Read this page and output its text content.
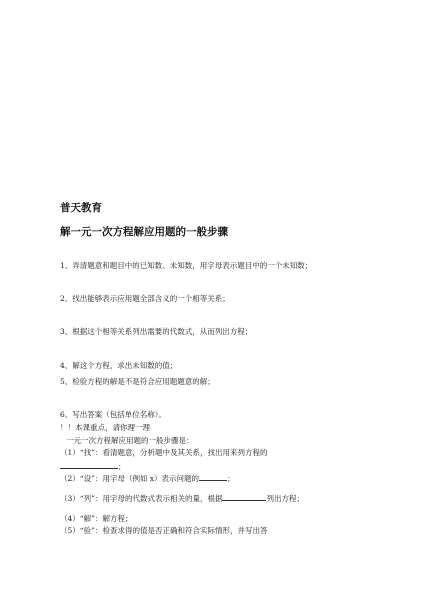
普天教育
解一元一次方程解应用题的一般步骤
1、弄清题意和题目中的已知数、未知数，用字母表示题目中的一个未知数；
2、找出能够表示应用题全部含义的一个相等关系；
3、根据这个相等关系列出需要的代数式，从而列出方程；
4、解这个方程，求出未知数的值；
5、检验方程的解是不是符合应用题题意的解；
6、写出答案（包括单位名称）。
！！本课重点，请你理一理
一元一次方程解应用题的一般步骤是：
（1）“找”：看清题意，分析题中及其关系，找出用来列方程的
；
（2）“设”：用字母（例如 x）表示问题的	；
（3）“列”：用字母的代数式表示相关的量，根据	列出方程；
（4）“解”：解方程；
（5）“验”：检查求得的值是否正确和符合实际情形，并写出答
